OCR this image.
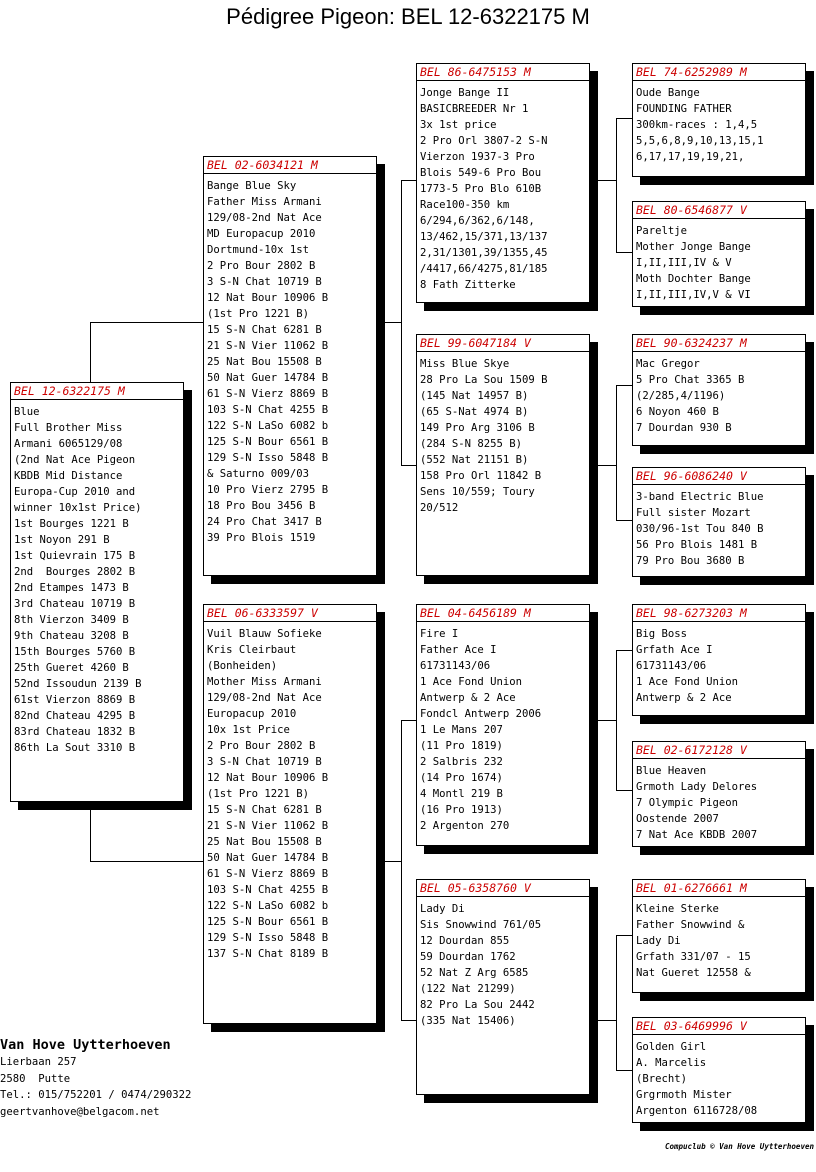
Pédigree Pigeon: BEL 12-6322175 M
BEL 12-6322175 M
Blue
Full Brother Miss
Armani 6065129/08
(2nd Nat Ace Pigeon
KBDB Mid Distance
Europa-Cup 2010 and
winner 10x1st Price)
1st Bourges 1221 B
1st Noyon 291 B
1st Quievrain 175 B
2nd  Bourges 2802 B
2nd Etampes 1473 B
3rd Chateau 10719 B
8th Vierzon 3409 B
9th Chateau 3208 B
15th Bourges 5760 B
25th Gueret 4260 B
52nd Issoudun 2139 B
61st Vierzon 8869 B
82nd Chateau 4295 B
83rd Chateau 1832 B
86th La Sout 3310 B
BEL 02-6034121 M
Bange Blue Sky
Father Miss Armani
129/08-2nd Nat Ace
MD Europacup 2010
Dortmund-10x 1st
2 Pro Bour 2802 B
3 S-N Chat 10719 B
12 Nat Bour 10906 B
(1st Pro 1221 B)
15 S-N Chat 6281 B
21 S-N Vier 11062 B
25 Nat Bou 15508 B
50 Nat Guer 14784 B
61 S-N Vierz 8869 B
103 S-N Chat 4255 B
122 S-N LaSo 6082 b
125 S-N Bour 6561 B
129 S-N Isso 5848 B
& Saturno 009/03
10 Pro Vierz 2795 B
18 Pro Bou 3456 B
24 Pro Chat 3417 B
39 Pro Blois 1519
BEL 06-6333597 V
Vuil Blauw Sofieke
Kris Cleirbaut
(Bonheiden)
Mother Miss Armani
129/08-2nd Nat Ace
Europacup 2010
10x 1st Price
2 Pro Bour 2802 B
3 S-N Chat 10719 B
12 Nat Bour 10906 B
(1st Pro 1221 B)
15 S-N Chat 6281 B
21 S-N Vier 11062 B
25 Nat Bou 15508 B
50 Nat Guer 14784 B
61 S-N Vierz 8869 B
103 S-N Chat 4255 B
122 S-N LaSo 6082 b
125 S-N Bour 6561 B
129 S-N Isso 5848 B
137 S-N Chat 8189 B
BEL 86-6475153 M
Jonge Bange II
BASICBREEDER Nr 1
3x 1st price
2 Pro Orl 3807-2 S-N
Vierzon 1937-3 Pro
Blois 549-6 Pro Bou
1773-5 Pro Blo 610B
Race100-350 km
6/294,6/362,6/148,
13/462,15/371,13/137
2,31/1301,39/1355,45
/4417,66/4275,81/185
8 Fath Zitterke
BEL 99-6047184 V
Miss Blue Skye
28 Pro La Sou 1509 B
(145 Nat 14957 B)
(65 S-Nat 4974 B)
149 Pro Arg 3106 B
(284 S-N 8255 B)
(552 Nat 21151 B)
158 Pro Orl 11842 B
Sens 10/559; Toury
20/512
BEL 04-6456189 M
Fire I
Father Ace I
61731143/06
1 Ace Fond Union
Antwerp & 2 Ace
Fondcl Antwerp 2006
1 Le Mans 207
(11 Pro 1819)
2 Salbris 232
(14 Pro 1674)
4 Montl 219 B
(16 Pro 1913)
2 Argenton 270
BEL 05-6358760 V
Lady Di
Sis Snowwind 761/05
12 Dourdan 855
59 Dourdan 1762
52 Nat Z Arg 6585
(122 Nat 21299)
82 Pro La Sou 2442
(335 Nat 15406)
BEL 74-6252989 M
Oude Bange
FOUNDING FATHER
300km-races : 1,4,5
5,5,6,8,9,10,13,15,1
6,17,17,19,19,21,
BEL 80-6546877 V
Pareltje
Mother Jonge Bange
I,II,III,IV & V
Moth Dochter Bange
I,II,III,IV,V & VI
BEL 90-6324237 M
Mac Gregor
5 Pro Chat 3365 B
(2/285,4/1196)
6 Noyon 460 B
7 Dourdan 930 B
BEL 96-6086240 V
3-band Electric Blue
Full sister Mozart
030/96-1st Tou 840 B
56 Pro Blois 1481 B
79 Pro Bou 3680 B
BEL 98-6273203 M
Big Boss
Grfath Ace I
61731143/06
1 Ace Fond Union
Antwerp & 2 Ace
BEL 02-6172128 V
Blue Heaven
Grmoth Lady Delores
7 Olympic Pigeon
Oostende 2007
7 Nat Ace KBDB 2007
BEL 01-6276661 M
Kleine Sterke
Father Snowwind &
Lady Di
Grfath 331/07 - 15
Nat Gueret 12558 &
BEL 03-6469996 V
Golden Girl
A. Marcelis
(Brecht)
Grgrmoth Mister
Argenton 6116728/08
Van Hove Uytterhoeven
Lierbaan 257
2580  Putte
Tel.: 015/752201 / 0474/290322
geertvanhove@belgacom.net
Compuclub © Van Hove Uytterhoeven
